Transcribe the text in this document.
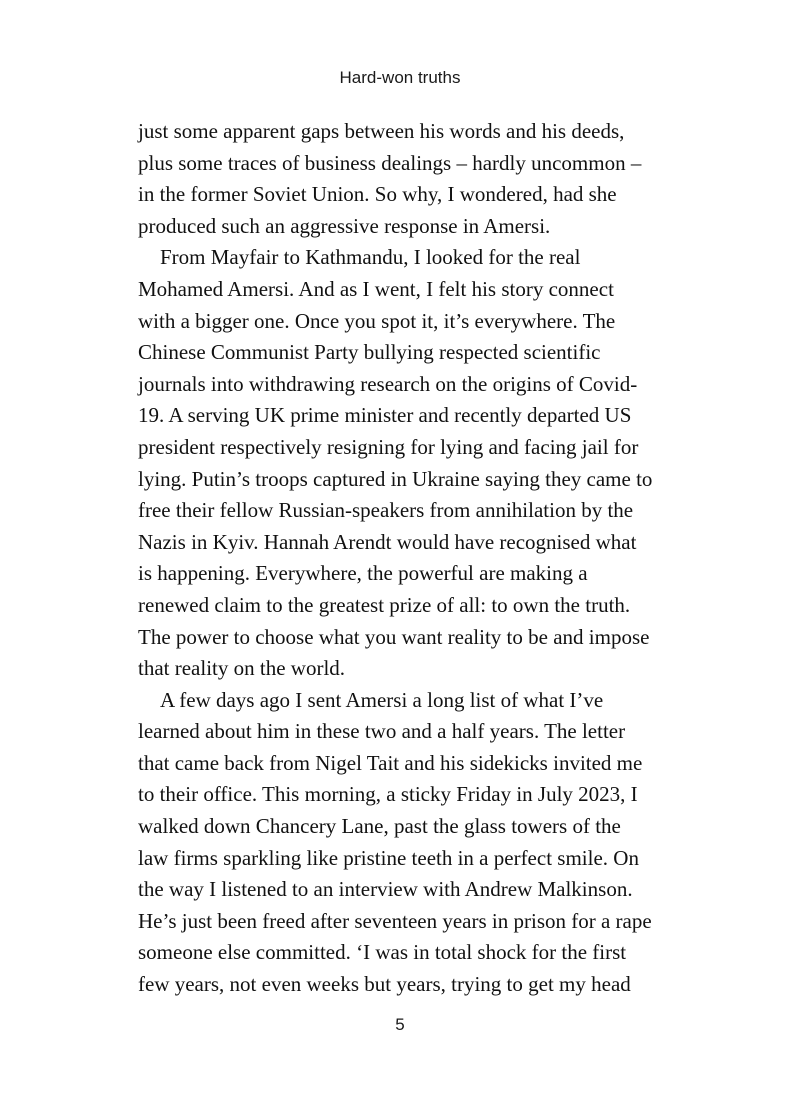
Hard-won truths
just some apparent gaps between his words and his deeds,
plus some traces of business dealings – hardly uncommon –
in the former Soviet Union. So why, I wondered, had she
produced such an aggressive response in Amersi.
From Mayfair to Kathmandu, I looked for the real
Mohamed Amersi. And as I went, I felt his story connect
with a bigger one. Once you spot it, it’s everywhere. The
Chinese Communist Party bullying respected scientific
journals into withdrawing research on the origins of Covid-
19. A serving UK prime minister and recently departed US
president respectively resigning for lying and facing jail for
lying. Putin’s troops captured in Ukraine saying they came to
free their fellow Russian-speakers from annihilation by the
Nazis in Kyiv. Hannah Arendt would have recognised what
is happening. Everywhere, the powerful are making a
renewed claim to the greatest prize of all: to own the truth.
The power to choose what you want reality to be and impose
that reality on the world.
A few days ago I sent Amersi a long list of what I’ve
learned about him in these two and a half years. The letter
that came back from Nigel Tait and his sidekicks invited me
to their office. This morning, a sticky Friday in July 2023, I
walked down Chancery Lane, past the glass towers of the
law firms sparkling like pristine teeth in a perfect smile. On
the way I listened to an interview with Andrew Malkinson.
He’s just been freed after seventeen years in prison for a rape
someone else committed. ‘I was in total shock for the first
few years, not even weeks but years, trying to get my head
5
